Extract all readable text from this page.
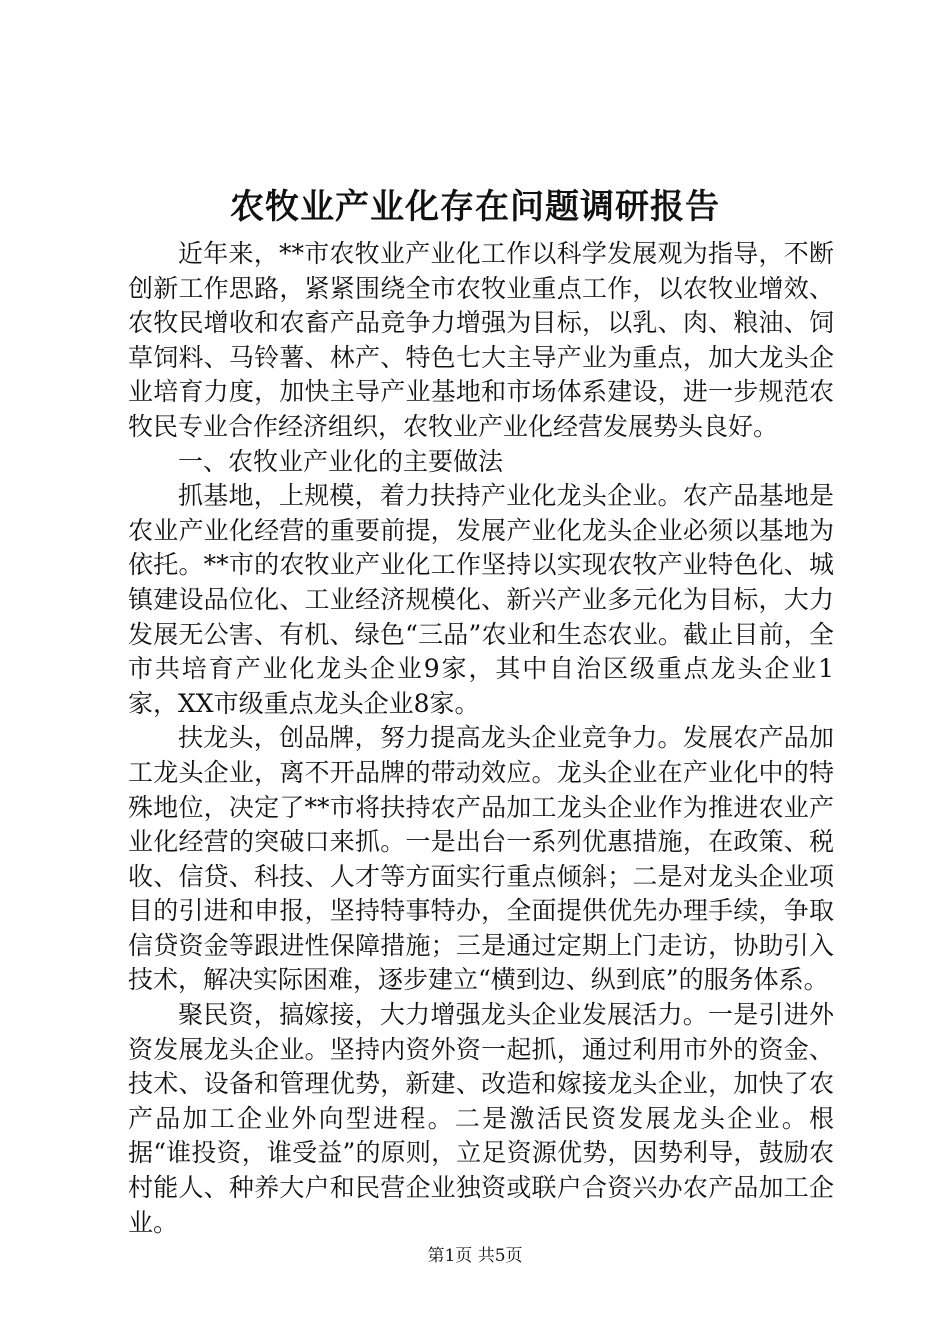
农牧业产业化存在问题调研报告

近年来，**市农牧业产业化工作以科学发展观为指导，不断创新工作思路，紧紧围绕全市农牧业重点工作，以农牧业增效、农牧民增收和农畜产品竞争力增强为目标，以乳、肉、粮油、饲草饲料、马铃薯、林产、特色七大主导产业为重点，加大龙头企业培育力度，加快主导产业基地和市场体系建设，进一步规范农牧民专业合作经济组织，农牧业产业化经营发展势头良好。

一、农牧业产业化的主要做法

抓基地，上规模，着力扶持产业化龙头企业。农产品基地是农业产业化经营的重要前提，发展产业化龙头企业必须以基地为依托。**市的农牧业产业化工作坚持以实现农牧产业特色化、城镇建设品位化、工业经济规模化、新兴产业多元化为目标，大力发展无公害、有机、绿色“三品”农业和生态农业。截止目前，全市共培育产业化龙头企业9家，其中自治区级重点龙头企业1家，XX市级重点龙头企业8家。

扶龙头，创品牌，努力提高龙头企业竞争力。发展农产品加工龙头企业，离不开品牌的带动效应。龙头企业在产业化中的特殊地位，决定了**市将扶持农产品加工龙头企业作为推进农业产业化经营的突破口来抓。一是出台一系列优惠措施，在政策、税收、信贷、科技、人才等方面实行重点倾斜；二是对龙头企业项目的引进和申报，坚持特事特办，全面提供优先办理手续，争取信贷资金等跟进性保障措施；三是通过定期上门走访，协助引入技术，解决实际困难，逐步建立“横到边、纵到底”的服务体系。

聚民资，搞嫁接，大力增强龙头企业发展活力。一是引进外资发展龙头企业。坚持内资外资一起抓，通过利用市外的资金、技术、设备和管理优势，新建、改造和嫁接龙头企业，加快了农产品加工企业外向型进程。二是激活民资发展龙头企业。根据“谁投资，谁受益”的原则，立足资源优势，因势利导，鼓励农村能人、种养大户和民营企业独资或联户合资兴办农产品加工企业。

第1页 共5页
